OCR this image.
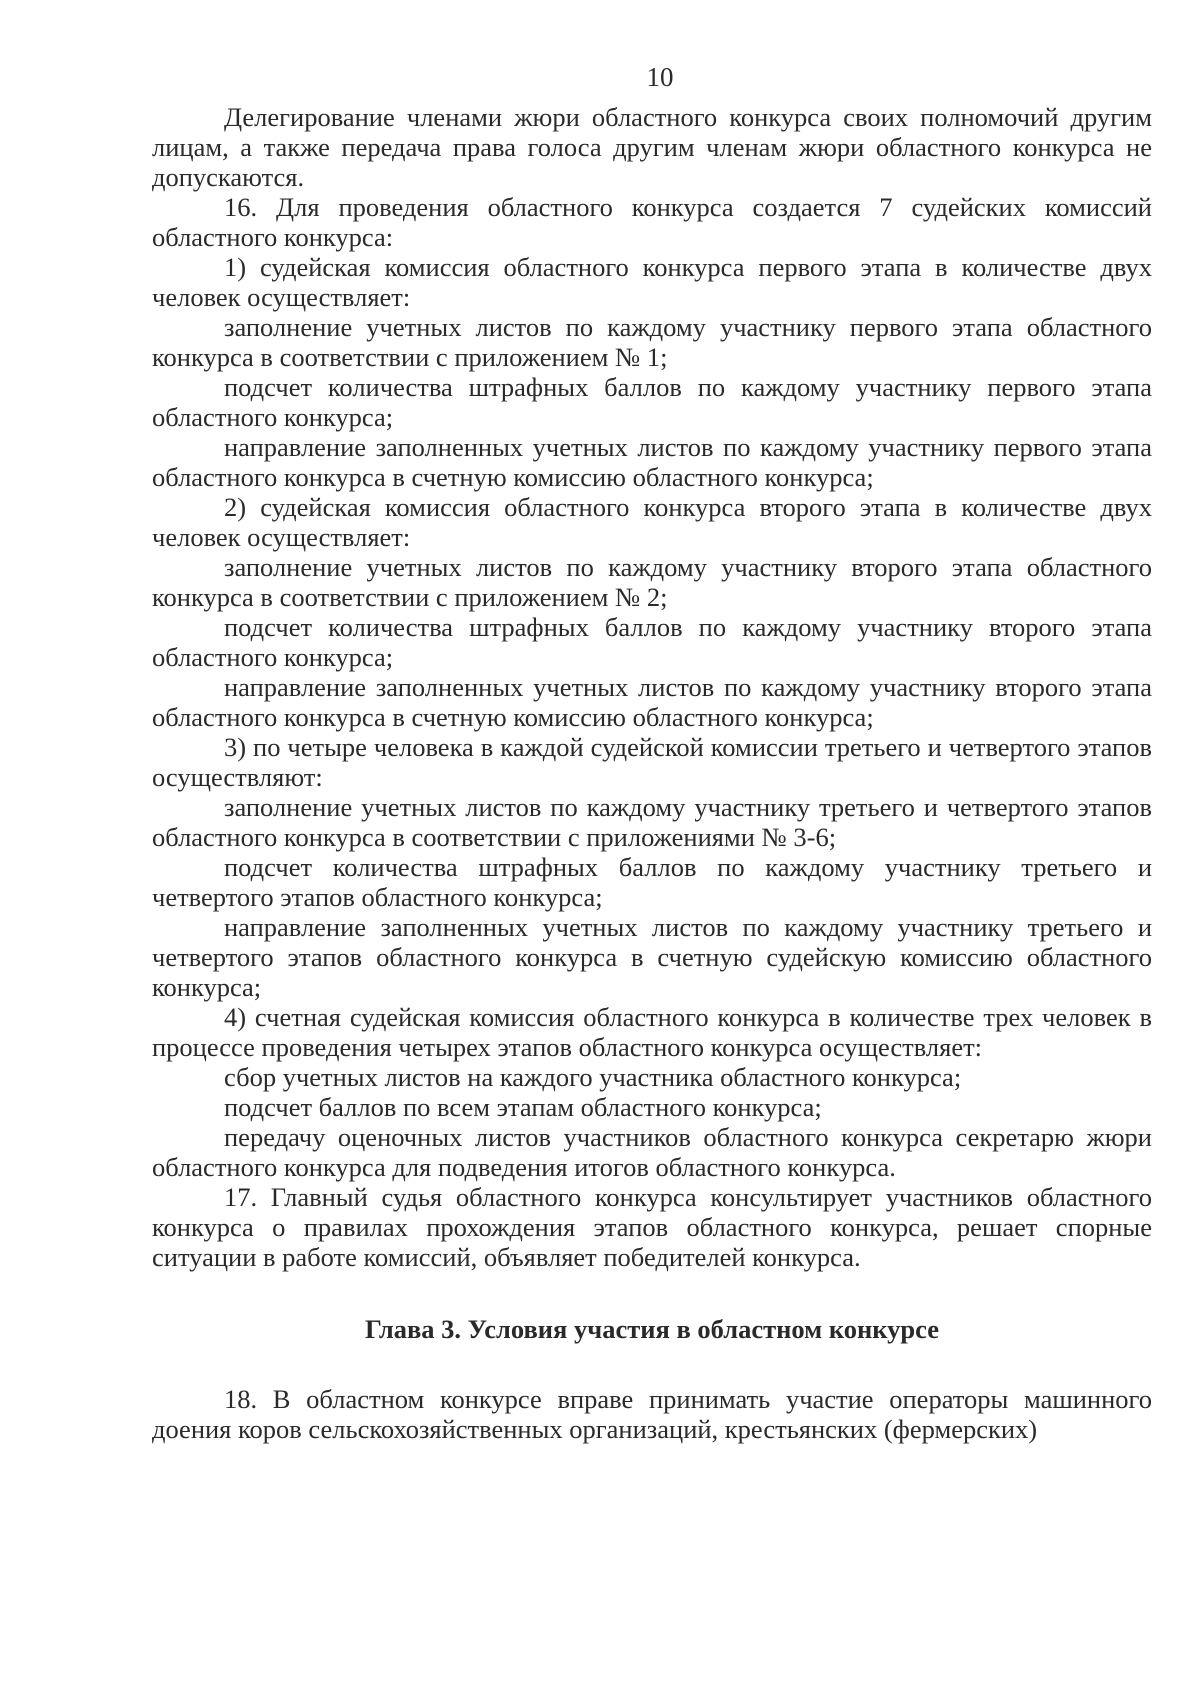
10

Делегирование членами жюри областного конкурса своих полномочий другим лицам, а также передача права голоса другим членам жюри областного конкурса не допускаются.

16. Для проведения областного конкурса создается 7 судейских комиссий областного конкурса:

1) судейская комиссия областного конкурса первого этапа в количестве двух человек осуществляет:

заполнение учетных листов по каждому участнику первого этапа областного конкурса в соответствии с приложением № 1;

подсчет количества штрафных баллов по каждому участнику первого этапа областного конкурса;

направление заполненных учетных листов по каждому участнику первого этапа областного конкурса в счетную комиссию областного конкурса;

2) судейская комиссия областного конкурса второго этапа в количестве двух человек осуществляет:

заполнение учетных листов по каждому участнику второго этапа областного конкурса в соответствии с приложением № 2;

подсчет количества штрафных баллов по каждому участнику второго этапа областного конкурса;

направление заполненных учетных листов по каждому участнику второго этапа областного конкурса в счетную комиссию областного конкурса;

3) по четыре человека в каждой судейской комиссии третьего и четвертого этапов осуществляют:

заполнение учетных листов по каждому участнику третьего и четвертого этапов областного конкурса в соответствии с приложениями № 3-6;

подсчет количества штрафных баллов по каждому участнику третьего и четвертого этапов областного конкурса;

направление заполненных учетных листов по каждому участнику третьего и четвертого этапов областного конкурса в счетную судейскую комиссию областного конкурса;

4) счетная судейская комиссия областного конкурса в количестве трех человек в процессе проведения четырех этапов областного конкурса осуществляет:

сбор учетных листов на каждого участника областного конкурса;

подсчет баллов по всем этапам областного конкурса;

передачу оценочных листов участников областного конкурса секретарю жюри областного конкурса для подведения итогов областного конкурса.

17. Главный судья областного конкурса консультирует участников областного конкурса о правилах прохождения этапов областного конкурса, решает спорные ситуации в работе комиссий, объявляет победителей конкурса.

Глава 3. Условия участия в областном конкурсе

18. В областном конкурсе вправе принимать участие операторы машинного доения коров сельскохозяйственных организаций, крестьянских (фермерских)
